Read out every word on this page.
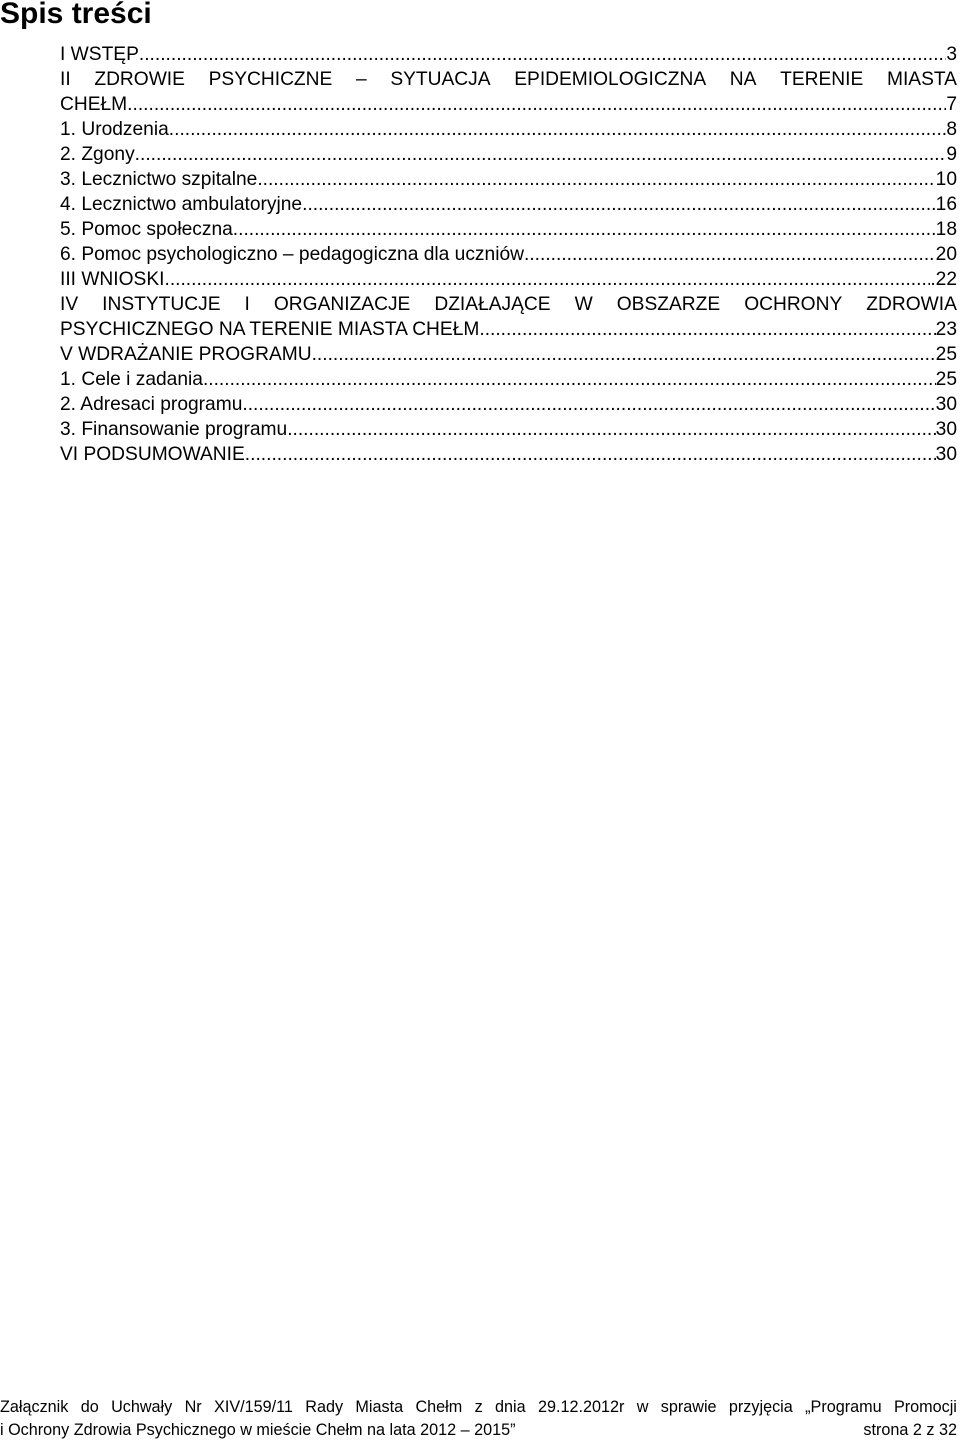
Spis treści
I WSTĘP .....	3
II ZDROWIE PSYCHICZNE – SYTUACJA EPIDEMIOLOGICZNA NA TERENIE MIASTA
CHEŁM .....	7
1. Urodzenia .....	8
2. Zgony .....	9
3. Lecznictwo szpitalne .....	10
4. Lecznictwo ambulatoryjne .....	16
5. Pomoc społeczna .....	18
6. Pomoc psychologiczno – pedagogiczna dla uczniów .....	20
III WNIOSKI .....	.22
IV INSTYTUCJE I ORGANIZACJE DZIAŁAJĄCE W OBSZARZE OCHRONY ZDROWIA
PSYCHICZNEGO NA TERENIE MIASTA CHEŁM .....	23
V WDRAŻANIE PROGRAMU .....	25
1. Cele i zadania .....	25
2. Adresaci programu .....	30
3. Finansowanie programu .....	30
VI PODSUMOWANIE .....	30
Załącznik do Uchwały Nr XIV/159/11 Rady Miasta Chełm z dnia 29.12.2012r w sprawie przyjęcia „Programu Promocji
i Ochrony Zdrowia Psychicznego w mieście Chełm na lata 2012 – 2015”	strona 2 z 32
